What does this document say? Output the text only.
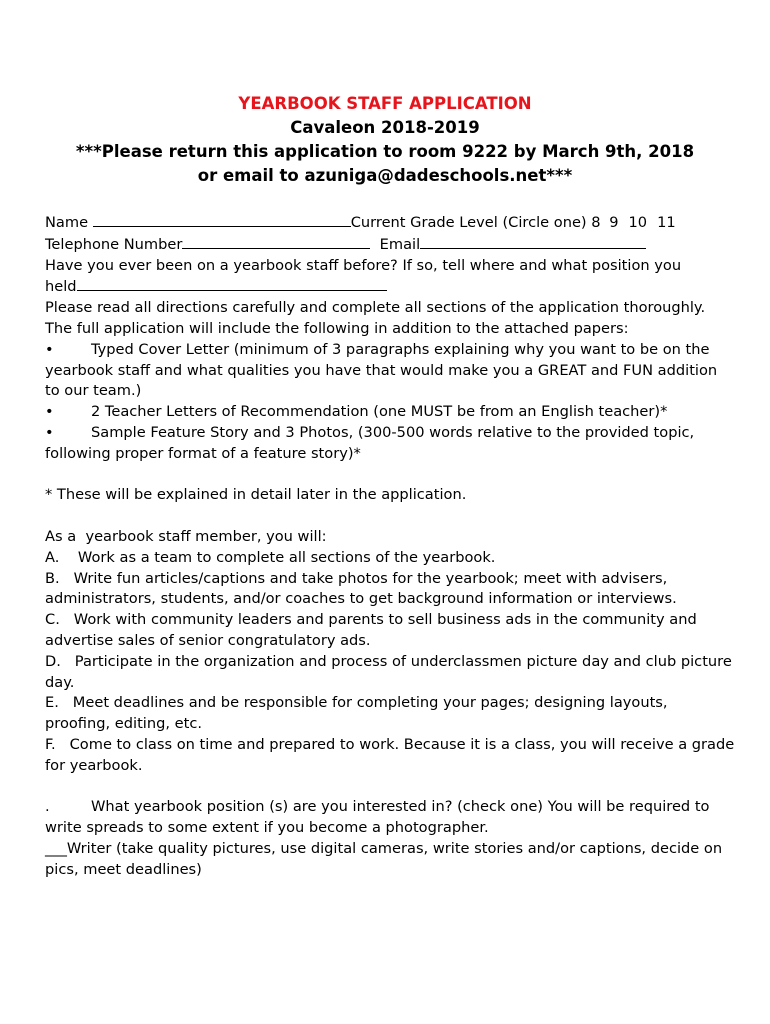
YEARBOOK STAFF APPLICATION
Cavaleon 2018-2019
***Please return this application to room 9222 by March 9th, 2018
or email to azuniga@dadeschools.net***

Name	Current Grade Level (Circle one) 8 9 10 11

Telephone Number	Email

Have you ever been on a yearbook staff before? If so, tell where and what position you

held

Please read all directions carefully and complete all sections of the application thoroughly. The full application will include the following in addition to the attached papers:

•	Typed Cover Letter (minimum of 3 paragraphs explaining why you want to be on the yearbook staff and what qualities you have that would make you a GREAT and FUN addition to our team.)

•	2 Teacher Letters of Recommendation (one MUST be from an English teacher)*

•	Sample Feature Story and 3 Photos, (300-500 words relative to the provided topic, following proper format of a feature story)*

* These will be explained in detail later in the application.

As a  yearbook staff member, you will:

A.    Work as a team to complete all sections of the yearbook.

B.   Write fun articles/captions and take photos for the yearbook; meet with advisers, administrators, students, and/or coaches to get background information or interviews.

C.   Work with community leaders and parents to sell business ads in the community and advertise sales of senior congratulatory ads.

D.   Participate in the organization and process of underclassmen picture day and club picture day.

E.   Meet deadlines and be responsible for completing your pages; designing layouts, proofing, editing, etc.

F.   Come to class on time and prepared to work. Because it is a class, you will receive a grade for yearbook.

.	What yearbook position (s) are you interested in? (check one) You will be required to write spreads to some extent if you become a photographer.

___Writer (take quality pictures, use digital cameras, write stories and/or captions, decide on pics, meet deadlines)
